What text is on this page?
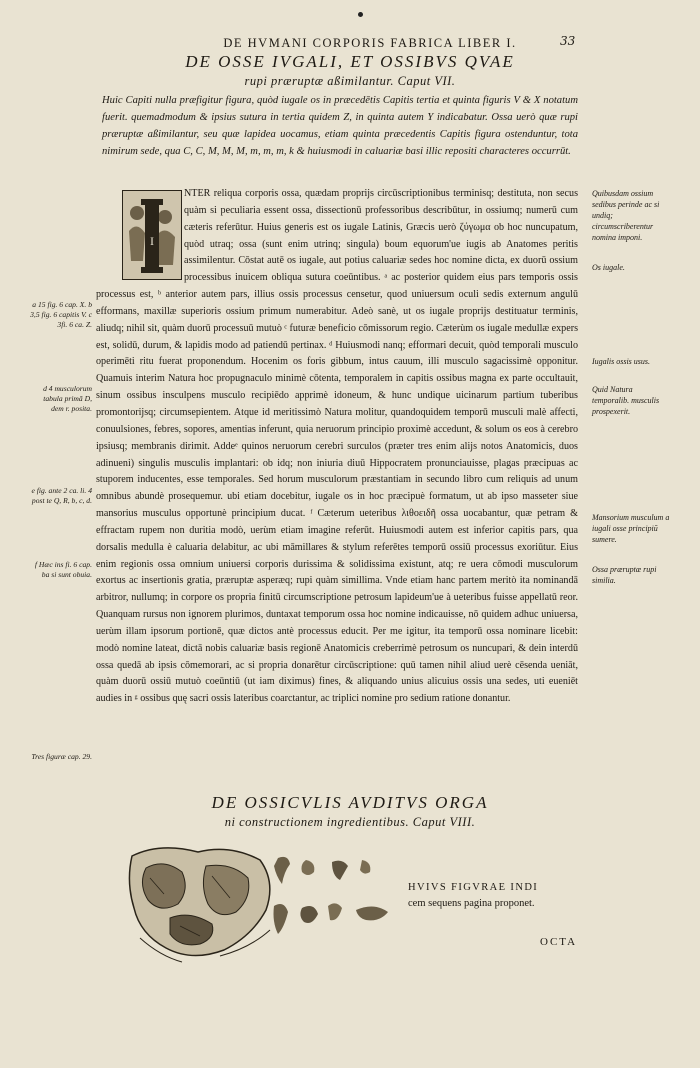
DE HVMANI CORPORIS FABRICA LIBER I.	33
DE OSSE IVGALI, ET OSSIBVS QVAE
rupi præruptæ aßimilantur. Caput VII.
Huic Capiti nulla præfigitur figura, quòd iugale os in præcedētis Capitis tertia et quinta figuris V & X notatum fuerit. quemadmodum & ipsius sutura in tertia quidem Z, in quinta autem Y indicabatur. Ossa uerò quæ rupi præruptæ aßimilantur, seu quæ lapidea uocamus, etiam quinta præcedentis Capitis figura ostenduntur, tota nimirum sede, qua C, C, M, M, M, m, m, m, k & huiusmodi in caluariæ basi illic repositi characteres occurrūt.
I
NTER reliqua corporis ossa, quædam proprijs circūscriptionibus terminisq; destituta, non secus quàm si peculiaria essent ossa, dissectionū professoribus describūtur, in ossiumq; numerū cum cæteris referūtur. Huius generis est os iugale Latinis, Græcis uerò ζύγωμα ob hoc nuncupatum, quòd utraq; ossa (sunt enim utrinq; singula) boum equorum'ue iugis ab Anatomes peritis assimilentur. Cōstat autē os iugale, aut potius caluariæ sedes hoc nomine dicta, ex duorū ossium processibus inuicem obliqua sutura coeūntibus. ᵃ ac posterior quidem eius pars temporis ossis processus est, ᵇ anterior autem pars, illius ossis processus censetur, quod uniuersum oculi sedis externum angulū efformans, maxillæ superioris ossium primum numerabitur. Adeò sanè, ut os iugale proprijs destituatur terminis, aliudq; nihil sit, quàm duorū processuū mutuò ᶜ futuræ beneficio cōmissorum regio. Cæterùm os iugale medullæ expers est, solidū, durum, & lapidis modo ad patiendū pertinax. ᵈ Huiusmodi nanq; efformari decuit, quòd temporali musculo operimēti ritu fuerat proponendum. Hocenim os foris gibbum, intus cauum, illi musculo sagacissimè opponitur. Quamuis interim Natura hoc propugnaculo minimè cōtenta, temporalem in capitis ossibus magna ex parte occultauit, sinum ossibus insculpens musculo recipiēdo apprimè idoneum, & hunc undique uicinarum partium tuberibus promontorijsq; circumsepientem. Atque id meritissimò Natura molitur, quandoquidem temporū musculi malè affecti, conuulsiones, febres, sopores, amentias inferunt, quia neruorum principio proximè accedunt, & solum os eos à cerebro ipsiusq; membranis dirimit. Addeᵉ quinos neruorum cerebri surculos (præter tres enim alijs notos Anatomicis, duos adinueni) singulis musculis implantari: ob idq; non iniuria diuū Hippocratem pronunciauisse, plagas præcipuas ac stuporem inducentes, esse temporales. Sed horum musculorum præstantiam in secundo libro cum reliquis ad unum omnibus abundè prosequemur. ubi etiam docebitur, iugale os in hoc præcipuè formatum, ut ab ipso masseter siue mansorius musculus opportunè principium ducat. ᶠ Cæterum ueteribus λιθοειδῆ ossa uocabantur, quæ petram & effractam rupem non duritia modò, uerùm etiam imagine referūt. Huiusmodi autem est inferior capitis pars, qua dorsalis medulla è caluaria delabitur, ac ubi māmillares & stylum referētes temporū ossiū processus exoriūtur. Eius enim regionis ossa omnium uniuersi corporis durissima & solidissima existunt, atq; re uera cōmodi musculorum exortus ac insertionis gratia, præruptæ asperæq; rupi quàm simillima. Vnde etiam hanc partem meritò ita nominandā arbitror, nullumq; in corpore os propria finitū circumscriptione petrosum lapideum'ue à ueteribus fuisse appellatū reor. Quanquam rursus non ignorem plurimos, duntaxat temporum ossa hoc nomine indicauisse, nō quidem adhuc uniuersa, uerùm illam ipsorum portionē, quæ dictos antè processus educit. Per me igitur, ita temporū ossa nominare licebit: modò nomine lateat, dictā nobis caluariæ basis regionē Anatomicis creberrimè petrosum os nuncupari, & dein interdū ossa quedā ab ipsis cōmemorari, ac si propria donarētur circūscriptione: quū tamen nihil aliud uerè cēsenda ueniāt, quàm duorū ossiū mutuò coeūntiū (ut iam diximus) fines, & aliquando unius alicuius ossis una sedes, uti eueniēt audies in ᵍ ossibus quę sacri ossis lateribus coarctantur, ac triplici nomine pro sedium ratione donantur.
a 15 fig. 6 cap. X. b 3,5 fig. 6 capitis V. c 3fi. 6 ca. Z.
d 4 musculorum tabula primā D, dem r. posita.
e fig. ante 2 ca. li. 4 post te Q, R, b, c, d.
f Hæc ins fi. 6 cap. ba si sunt obuia.
Tres figuræ cap. 29.
Quibusdam ossium sedibus perinde ac si undiq; circumscriberentur nomina imponi.
Os iugale.
Iugalis ossis usus.
Quid Natura temporalib. musculis prospexerit.
Mansorium musculum a iugali osse principiū sumere.
Ossa præruptæ rupi similia.
DE OSSICVLIS AVDITVS ORGA
ni constructionem ingredientibus. Caput VIII.
HVIVS FIGVRAE INDI
cem sequens pagina proponet.
OCTA
